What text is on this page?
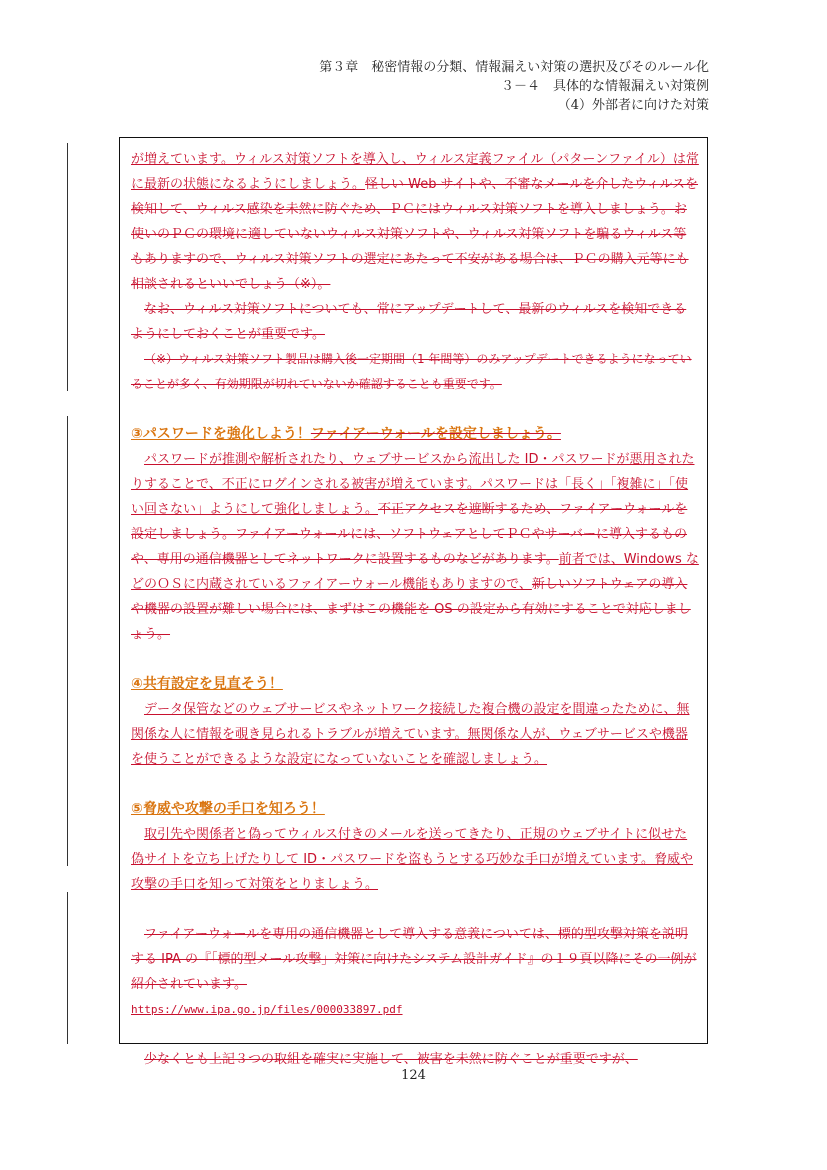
第３章　秘密情報の分類、情報漏えい対策の選択及びそのルール化
３－４　具体的な情報漏えい対策例
（4）外部者に向けた対策

が増えています。ウィルス対策ソフトを導入し、ウィルス定義ファイル（パターンファイル）は常に最新の状態になるようにしましょう。怪しい Web サイトや、不審なメールを介したウィルスを検知して、ウィルス感染を未然に防ぐため、ＰＣにはウィルス対策ソフトを導入しましょう。お使いのＰＣの環境に適していないウィルス対策ソフトや、ウィルス対策ソフトを騙るウィルス等もありますので、ウィルス対策ソフトの選定にあたって不安がある場合は、ＰＣの購入元等にも相談されるといいでしょう（※）。

なお、ウィルス対策ソフトについても、常にアップデートして、最新のウィルスを検知できるようにしておくことが重要です。

（※）ウィルス対策ソフト製品は購入後一定期間（1 年間等）のみアップデートできるようになっていることが多く、有効期限が切れていないか確認することも重要です。

③パスワードを強化しよう！ファイアーウォールを設定しましょう。

パスワードが推測や解析されたり、ウェブサービスから流出した ID・パスワードが悪用されたりすることで、不正にログインされる被害が増えています。パスワードは「長く」「複雑に」「使い回さない」ようにして強化しましょう。不正アクセスを遮断するため、ファイアーウォールを設定しましょう。ファイアーウォールには、ソフトウェアとしてＰＣやサーバーに導入するものや、専用の通信機器としてネットワークに設置するものなどがあります。前者では、Windows などのＯＳに内蔵されているファイアーウォール機能もありますので、新しいソフトウェアの導入や機器の設置が難しい場合には、まずはこの機能を OS の設定から有効にすることで対応しましょう。

④共有設定を見直そう！

データ保管などのウェブサービスやネットワーク接続した複合機の設定を間違ったために、無関係な人に情報を覗き見られるトラブルが増えています。無関係な人が、ウェブサービスや機器を使うことができるような設定になっていないことを確認しましょう。

⑤脅威や攻撃の手口を知ろう！

取引先や関係者と偽ってウィルス付きのメールを送ってきたり、正規のウェブサイトに似せた偽サイトを立ち上げたりして ID・パスワードを盗もうとする巧妙な手口が増えています。脅威や攻撃の手口を知って対策をとりましょう。

ファイアーウォールを専用の通信機器として導入する意義については、標的型攻撃対策を説明する IPA の『「標的型メール攻撃」対策に向けたシステム設計ガイド』の１９頁以降にその一例が紹介されています。

https://www.ipa.go.jp/files/000033897.pdf

少なくとも上記３つの取組を確実に実施して、被害を未然に防ぐことが重要ですが、

124
